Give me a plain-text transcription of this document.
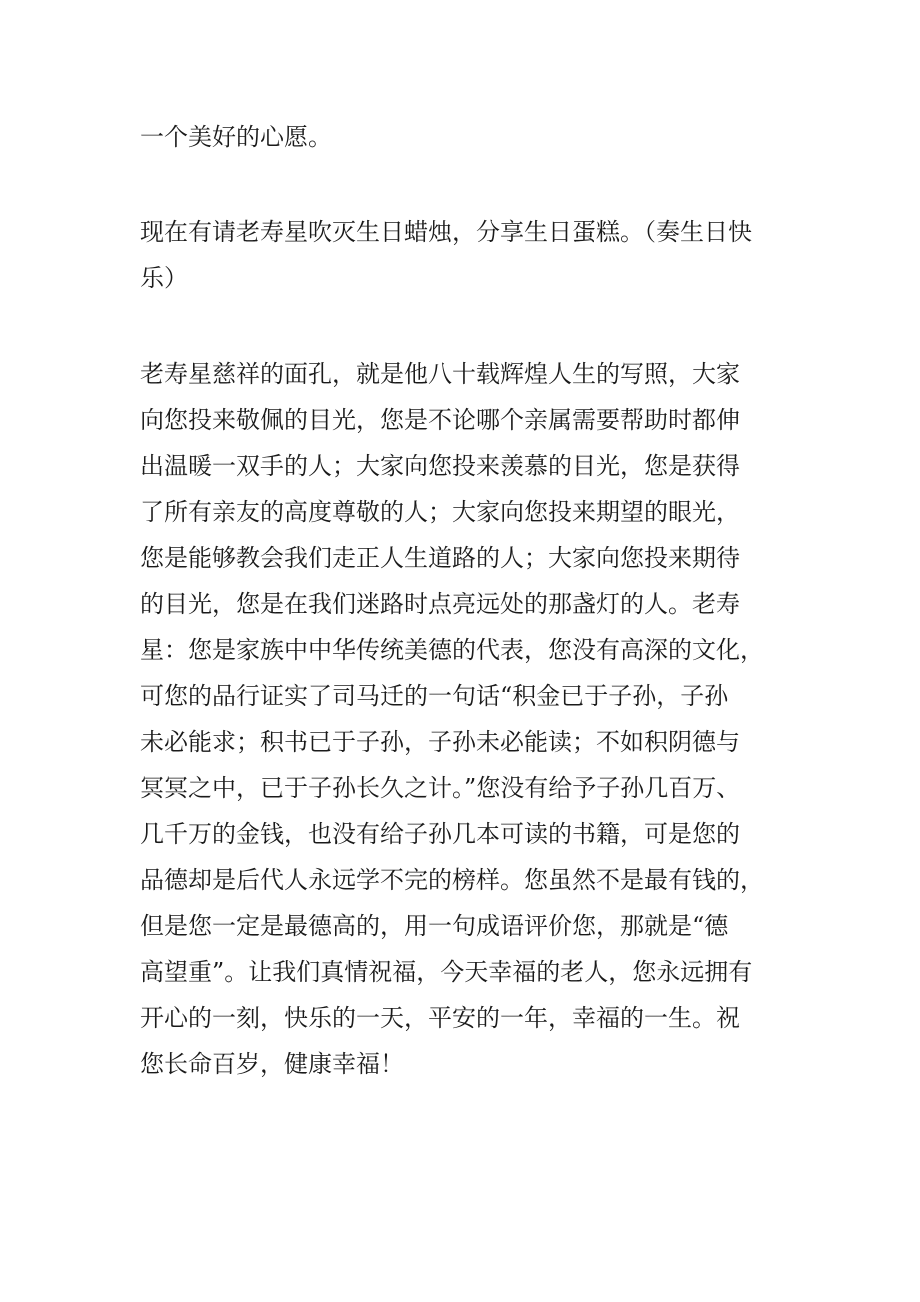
一个美好的心愿。
现在有请老寿星吹灭生日蜡烛，分享生日蛋糕。（奏生日快
乐）
老寿星慈祥的面孔，就是他八十载辉煌人生的写照，大家
向您投来敬佩的目光，您是不论哪个亲属需要帮助时都伸
出温暖一双手的人；大家向您投来羡慕的目光，您是获得
了所有亲友的高度尊敬的人；大家向您投来期望的眼光，
您是能够教会我们走正人生道路的人；大家向您投来期待
的目光，您是在我们迷路时点亮远处的那盏灯的人。老寿
星：您是家族中中华传统美德的代表，您没有高深的文化，
可您的品行证实了司马迁的一句话“积金已于子孙，子孙
未必能求；积书已于子孙，子孙未必能读；不如积阴德与
冥冥之中，已于子孙长久之计。”您没有给予子孙几百万、
几千万的金钱，也没有给子孙几本可读的书籍，可是您的
品德却是后代人永远学不完的榜样。您虽然不是最有钱的，
但是您一定是最德高的，用一句成语评价您，那就是“德
高望重”。让我们真情祝福，今天幸福的老人，您永远拥有
开心的一刻，快乐的一天，平安的一年，幸福的一生。祝
您长命百岁，健康幸福！
